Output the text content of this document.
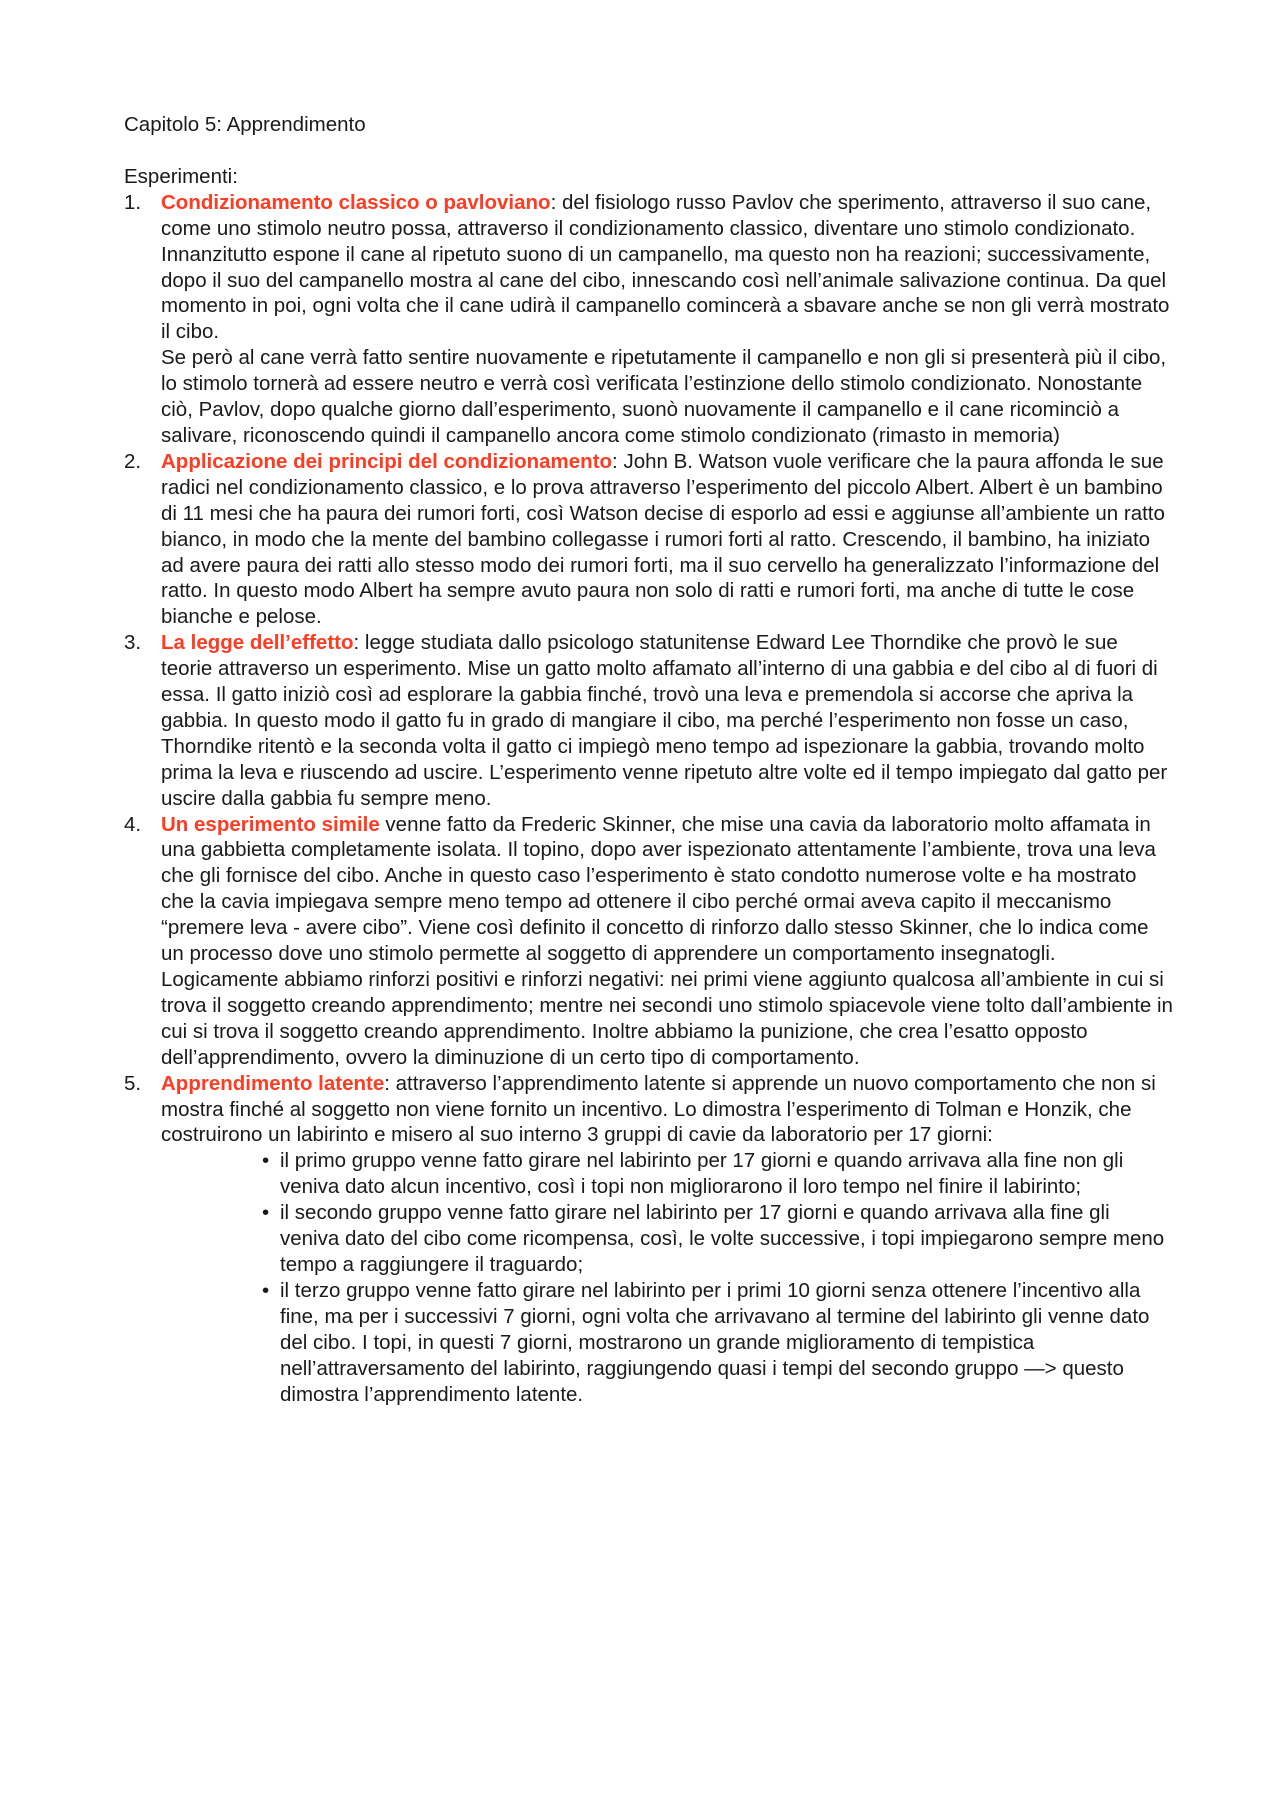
Capitolo 5: Apprendimento
Esperimenti:
1. Condizionamento classico o pavloviano: del fisiologo russo Pavlov che sperimento, attraverso il suo cane, come uno stimolo neutro possa, attraverso il condizionamento classico, diventare uno stimolo condizionato. Innanzitutto espone il cane al ripetuto suono di un campanello, ma questo non ha reazioni; successivamente, dopo il suo del campanello mostra al cane del cibo, innescando così nell’animale salivazione continua. Da quel momento in poi, ogni volta che il cane udirà il campanello comincerà a sbavare anche se non gli verrà mostrato il cibo.
Se però al cane verrà fatto sentire nuovamente e ripetutamente il campanello e non gli si presenterà più il cibo, lo stimolo tornerà ad essere neutro e verrà così verificata l’estinzione dello stimolo condizionato. Nonostante ciò, Pavlov, dopo qualche giorno dall’esperimento, suonò nuovamente il campanello e il cane ricominciò a salivare, riconoscendo quindi il campanello ancora come stimolo condizionato (rimasto in memoria)
2. Applicazione dei principi del condizionamento: John B. Watson vuole verificare che la paura affonda le sue radici nel condizionamento classico, e lo prova attraverso l’esperimento del piccolo Albert. Albert è un bambino di 11 mesi che ha paura dei rumori forti, così Watson decise di esporlo ad essi e aggiunse all’ambiente un ratto bianco, in modo che la mente del bambino collegasse i rumori forti al ratto. Crescendo, il bambino, ha iniziato ad avere paura dei ratti allo stesso modo dei rumori forti, ma il suo cervello ha generalizzato l’informazione del ratto. In questo modo Albert ha sempre avuto paura non solo di ratti e rumori forti, ma anche di tutte le cose bianche e pelose.
3. La legge dell’effetto: legge studiata dallo psicologo statunitense Edward Lee Thorndike che provò le sue teorie attraverso un esperimento. Mise un gatto molto affamato all’interno di una gabbia e del cibo al di fuori di essa. Il gatto iniziò così ad esplorare la gabbia finché, trovò una leva e premendola si accorse che apriva la gabbia. In questo modo il gatto fu in grado di mangiare il cibo, ma perché l’esperimento non fosse un caso, Thorndike ritentò e la seconda volta il gatto ci impiegò meno tempo ad ispezionare la gabbia, trovando molto prima la leva e riuscendo ad uscire. L’esperimento venne ripetuto altre volte ed il tempo impiegato dal gatto per uscire dalla gabbia fu sempre meno.
4. Un esperimento simile venne fatto da Frederic Skinner, che mise una cavia da laboratorio molto affamata in una gabbietta completamente isolata. Il topino, dopo aver ispezionato attentamente l’ambiente, trova una leva che gli fornisce del cibo. Anche in questo caso l’esperimento è stato condotto numerose volte e ha mostrato che la cavia impiegava sempre meno tempo ad ottenere il cibo perché ormai aveva capito il meccanismo “premere leva - avere cibo”. Viene così definito il concetto di rinforzo dallo stesso Skinner, che lo indica come un processo dove uno stimolo permette al soggetto di apprendere un comportamento insegnatogli. Logicamente abbiamo rinforzi positivi e rinforzi negativi: nei primi viene aggiunto qualcosa all’ambiente in cui si trova il soggetto creando apprendimento; mentre nei secondi uno stimolo spiacevole viene tolto dall’ambiente in cui si trova il soggetto creando apprendimento. Inoltre abbiamo la punizione, che crea l’esatto opposto dell’apprendimento, ovvero la diminuzione di un certo tipo di comportamento.
5. Apprendimento latente: attraverso l’apprendimento latente si apprende un nuovo comportamento che non si mostra finché al soggetto non viene fornito un incentivo. Lo dimostra l’esperimento di Tolman e Honzik, che costruirono un labirinto e misero al suo interno 3 gruppi di cavie da laboratorio per 17 giorni:
• il primo gruppo venne fatto girare nel labirinto per 17 giorni e quando arrivava alla fine non gli veniva dato alcun incentivo, così i topi non migliorarono il loro tempo nel finire il labirinto;
• il secondo gruppo venne fatto girare nel labirinto per 17 giorni e quando arrivava alla fine gli veniva dato del cibo come ricompensa, così, le volte successive, i topi impiegarono sempre meno tempo a raggiungere il traguardo;
• il terzo gruppo venne fatto girare nel labirinto per i primi 10 giorni senza ottenere l’incentivo alla fine, ma per i successivi 7 giorni, ogni volta che arrivavano al termine del labirinto gli venne dato del cibo. I topi, in questi 7 giorni, mostrarono un grande miglioramento di tempistica nell’attraversamento del labirinto, raggiungendo quasi i tempi del secondo gruppo —> questo dimostra l’apprendimento latente.
